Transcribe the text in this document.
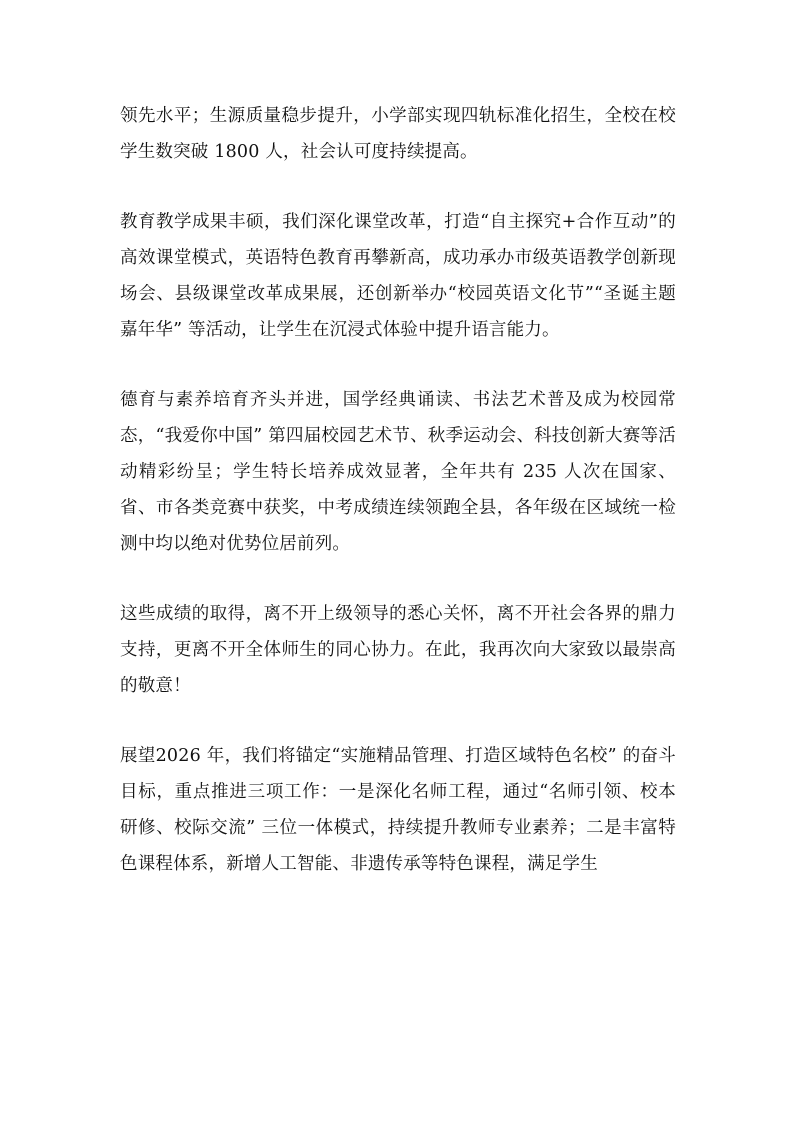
领先水平；生源质量稳步提升，小学部实现四轨标准化招生，全校在校学生数突破 1800 人，社会认可度持续提高。

教育教学成果丰硕，我们深化课堂改革，打造“自主探究+合作互动”的高效课堂模式，英语特色教育再攀新高，成功承办市级英语教学创新现场会、县级课堂改革成果展，还创新举办“校园英语文化节”“圣诞主题嘉年华” 等活动，让学生在沉浸式体验中提升语言能力。

德育与素养培育齐头并进，国学经典诵读、书法艺术普及成为校园常态，“我爱你中国” 第四届校园艺术节、秋季运动会、科技创新大赛等活动精彩纷呈；学生特长培养成效显著，全年共有 235 人次在国家、省、市各类竞赛中获奖，中考成绩连续领跑全县，各年级在区域统一检测中均以绝对优势位居前列。

这些成绩的取得，离不开上级领导的悉心关怀，离不开社会各界的鼎力支持，更离不开全体师生的同心协力。在此，我再次向大家致以最崇高的敬意！

展望2026 年，我们将锚定“实施精品管理、打造区域特色名校” 的奋斗目标，重点推进三项工作：一是深化名师工程，通过“名师引领、校本研修、校际交流” 三位一体模式，持续提升教师专业素养；二是丰富特色课程体系，新增人工智能、非遗传承等特色课程，满足学生
